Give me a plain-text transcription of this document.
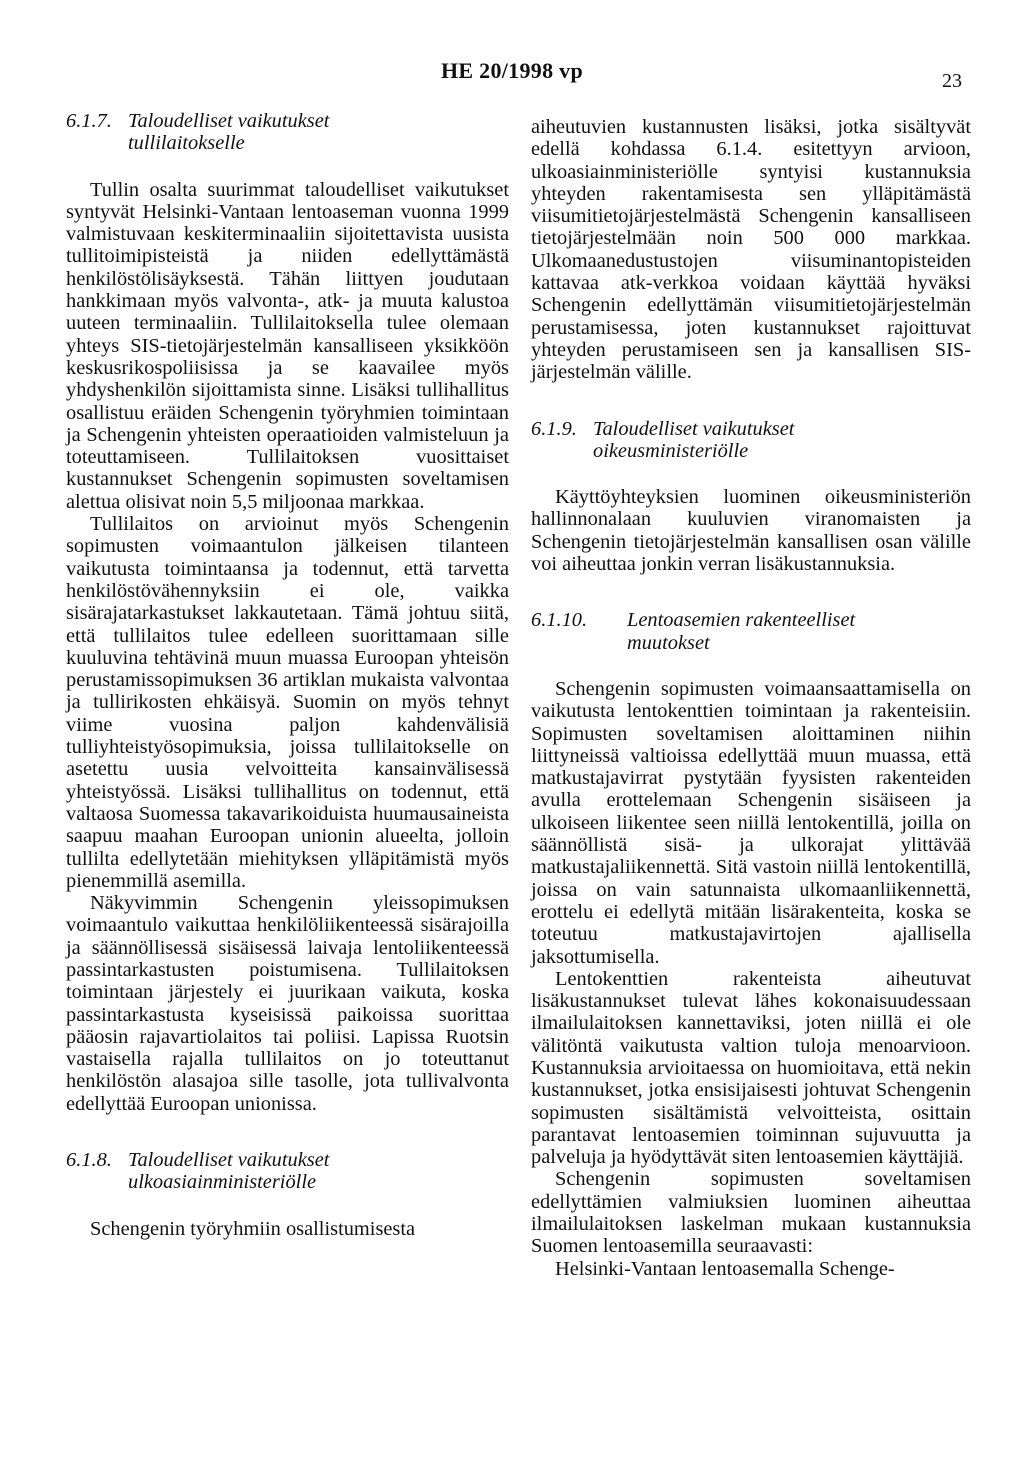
HE 20/1998 vp	23
6.1.7. Taloudelliset vaikutukset tullilaitokselle

Tullin osalta suurimmat taloudelliset vaikutukset syntyvät Helsinki-Vantaan lentoaseman vuonna 1999 valmistuvaan keskiterminaaliin sijoitettavista uusista tullitoimipisteistä ja niiden edellyttämästä henkilöstölisäyksestä. Tähän liittyen joudutaan hankkimaan myös valvonta-, atk- ja muuta kalustoa uuteen terminaaliin. Tullilaitoksella tulee olemaan yhteys SIS-tietojärjestelmän kansalliseen yksikköön keskusrikospoliisissa ja se kaavailee myös yhdyshenkilön sijoittamista sinne. Lisäksi tullihallitus osallistuu eräiden Schengenin työryhmien toimintaan ja Schengenin yhteisten operaatioiden valmisteluun ja toteuttamiseen. Tullilaitoksen vuosittaiset kustannukset Schengenin sopimusten soveltamisen alettua olisivat noin 5,5 miljoonaa markkaa.

Tullilaitos on arvioinut myös Schengenin sopimusten voimaantulon jälkeisen tilanteen vaikutusta toimintaansa ja todennut, että tarvetta henkilöstövähennyksiin ei ole, vaikka sisärajatarkastukset lakkautetaan. Tämä johtuu siitä, että tullilaitos tulee edelleen suorittamaan sille kuuluvina tehtävinä muun muassa Euroopan yhteisön perustamissopimuksen 36 artiklan mukaista valvontaa ja tullirikosten ehkäisyä. Suomin on myös tehnyt viime vuosina paljon kahdenvälisiä tulliyhteistyösopimuksia, joissa tullilaitokselle on asetettu uusia velvoitteita kansainvälisessä yhteistyössä. Lisäksi tullihallitus on todennut, että valtaosa Suomessa takavarikoiduista huumausaineista saapuu maahan Euroopan unionin alueelta, jolloin tullilta edellytetään miehityksen ylläpitämistä myös pienemmillä asemilla.

Näkyvimmin Schengenin yleissopimuksen voimaantulo vaikuttaa henkilöliikenteessä sisärajoilla ja säännöllisessä sisäisessä laivaja lentoliikenteessä passintarkastusten poistumisena. Tullilaitoksen toimintaan järjestely ei juurikaan vaikuta, koska passintarkastusta kyseisissä paikoissa suorittaa pääosin rajavartiolaitos tai poliisi. Lapissa Ruotsin vastaisella rajalla tullilaitos on jo toteuttanut henkilöstön alasajoa sille tasolle, jota tullivalvonta edellyttää Euroopan unionissa.

6.1.8. Taloudelliset vaikutukset ulkoasiainministeriölle

Schengenin työryhmiin osallistumisesta

aiheutuvien kustannusten lisäksi, jotka sisältyvät edellä kohdassa 6.1.4. esitettyyn arvioon, ulkoasiainministeriölle syntyisi kustannuksia yhteyden rakentamisesta sen ylläpitämästä viisumitietojärjestelmästä Schengenin kansalliseen tietojärjestelmään noin 500 000 markkaa. Ulkomaanedustustojen viisuminantopisteiden kattavaa atk-verkkoa voidaan käyttää hyväksi Schengenin edellyttämän viisumitietojärjestelmän perustamisessa, joten kustannukset rajoittuvat yhteyden perustamiseen sen ja kansallisen SIS-järjestelmän välille.

6.1.9. Taloudelliset vaikutukset oikeusministeriölle

Käyttöyhteyksien luominen oikeusministeriön hallinnonalaan kuuluvien viranomaisten ja Schengenin tietojärjestelmän kansallisen osan välille voi aiheuttaa jonkin verran lisäkustannuksia.

6.1.10.	Lentoasemien rakenteelliset muutokset

Schengenin sopimusten voimaansaattamisella on vaikutusta lentokenttien toimintaan ja rakenteisiin. Sopimusten soveltamisen aloittaminen niihin liittyneissä valtioissa edellyttää muun muassa, että matkustajavirrat pystytään fyysisten rakenteiden avulla erottelemaan Schengenin sisäiseen ja ulkoiseen liikentee seen niillä lentokentillä, joilla on säännöllistä sisä- ja ulkorajat ylittävää matkustajaliikennettä. Sitä vastoin niillä lentokentillä, joissa on vain satunnaista ulkomaanliikennettä, erottelu ei edellytä mitään lisärakenteita, koska se toteutuu matkustajavirtojen ajallisella jaksottumisella.

Lentokenttien rakenteista aiheutuvat lisäkustannukset tulevat lähes kokonaisuudessaan ilmailulaitoksen kannettaviksi, joten niillä ei ole välitöntä vaikutusta valtion tuloja menoarvioon. Kustannuksia arvioitaessa on huomioitava, että nekin kustannukset, jotka ensisijaisesti johtuvat Schengenin sopimusten sisältämistä velvoitteista, osittain parantavat lentoasemien toiminnan sujuvuutta ja palveluja ja hyödyttävät siten lentoasemien käyttäjiä.

Schengenin sopimusten soveltamisen edellyttämien valmiuksien luominen aiheuttaa ilmailulaitoksen laskelman mukaan kustannuksia Suomen lentoasemilla seuraavasti:

Helsinki-Vantaan lentoasemalla Schenge-
